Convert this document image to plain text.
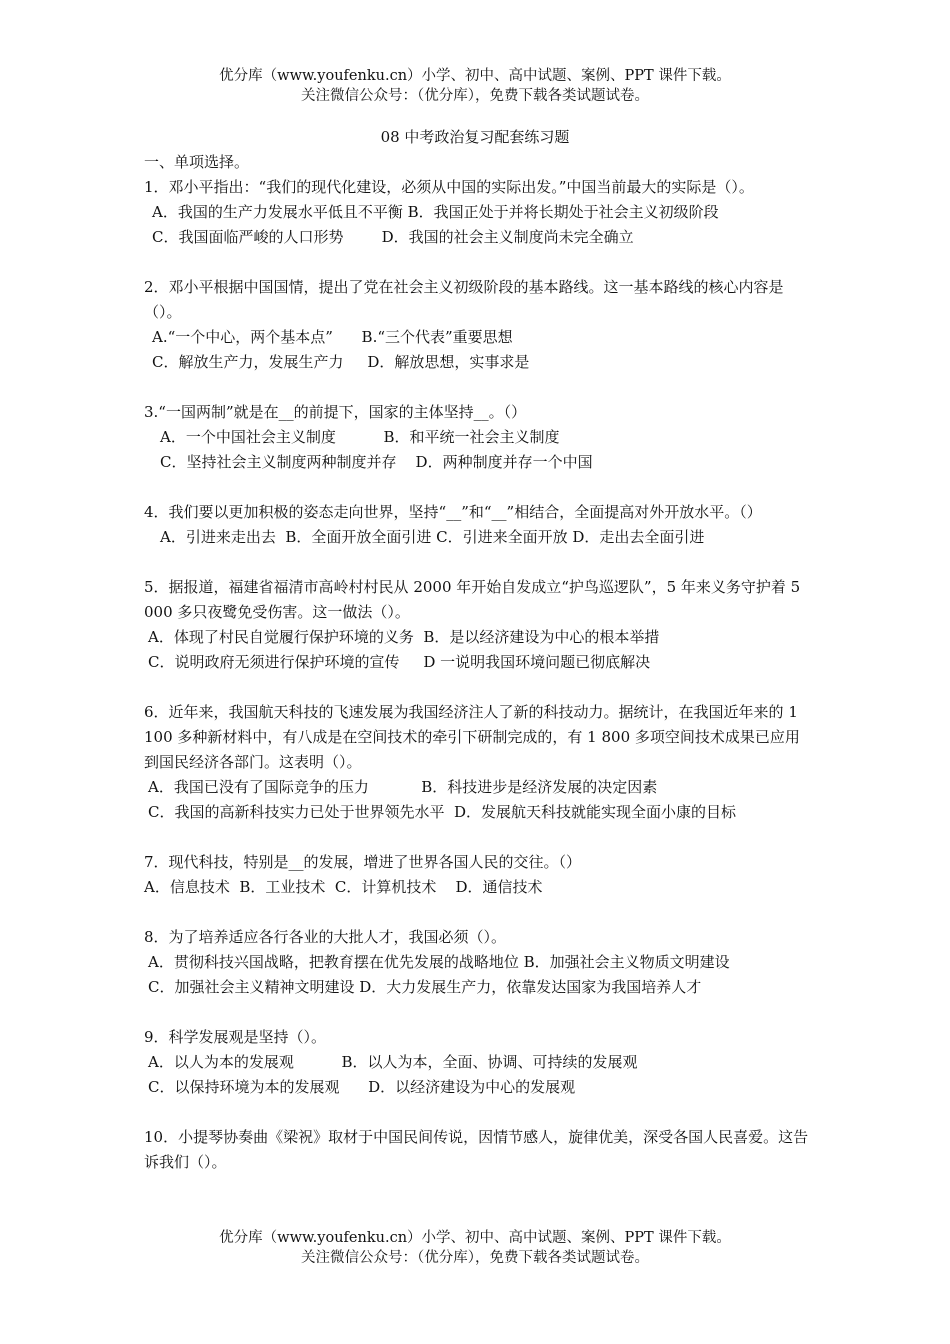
优分库（www.youfenku.cn）小学、初中、高中试题、案例、PPT 课件下载。
关注微信公众号：（优分库），免费下载各类试题试卷。
08 中考政治复习配套练习题
一、单项选择。
1．邓小平指出：“我们的现代化建设，必须从中国的实际出发。”中国当前最大的实际是（）。
A．我国的生产力发展水平低且不平衡 B．我国正处于并将长期处于社会主义初级阶段
C．我国面临严峻的人口形势        D．我国的社会主义制度尚未完全确立
2．邓小平根据中国国情，提出了党在社会主义初级阶段的基本路线。这一基本路线的核心内容是（）。
A.“一个中心，两个基本点”      B.“三个代表”重要思想
C．解放生产力，发展生产力     D．解放思想，实事求是
3.“一国两制”就是在__的前提下，国家的主体坚持__。（）
A．一个中国社会主义制度          B．和平统一社会主义制度
C．坚持社会主义制度两种制度并存    D．两种制度并存一个中国
4．我们要以更加积极的姿态走向世界，坚持“__”和“__”相结合，全面提高对外开放水平。（）
A．引进来走出去  B．全面开放全面引进 C．引进来全面开放 D．走出去全面引进
5．据报道，福建省福清市高岭村村民从 2000 年开始自发成立“护鸟巡逻队”，5 年来义务守护着 5 000 多只夜鹭免受伤害。这一做法（）。
A．体现了村民自觉履行保护环境的义务  B．是以经济建设为中心的根本举措
C．说明政府无须进行保护环境的宣传     D 一说明我国环境问题已彻底解决
6．近年来，我国航天科技的飞速发展为我国经济注人了新的科技动力。据统计，在我国近年来的 1 100 多种新材料中，有八成是在空间技术的牵引下研制完成的，有 1 800 多项空间技术成果已应用到国民经济各部门。这表明（）。
A．我国已没有了国际竞争的压力           B．科技进步是经济发展的决定因素
C．我国的高新科技实力已处于世界领先水平  D．发展航天科技就能实现全面小康的目标
7．现代科技，特别是__的发展，增进了世界各国人民的交往。（）
A．信息技术  B．工业技术  C．计算机技术    D．通信技术
8．为了培养适应各行各业的大批人才，我国必须（）。
A．贯彻科技兴国战略，把教育摆在优先发展的战略地位 B．加强社会主义物质文明建设
C．加强社会主义精神文明建设 D．大力发展生产力，依靠发达国家为我国培养人才
9．科学发展观是坚持（）。
A．以人为本的发展观          B．以人为本，全面、协调、可持续的发展观
C．以保持环境为本的发展观      D．以经济建设为中心的发展观
10．小提琴协奏曲《梁祝》取材于中国民间传说，因情节感人，旋律优美，深受各国人民喜爱。这告诉我们（）。
优分库（www.youfenku.cn）小学、初中、高中试题、案例、PPT 课件下载。
关注微信公众号：（优分库），免费下载各类试题试卷。
